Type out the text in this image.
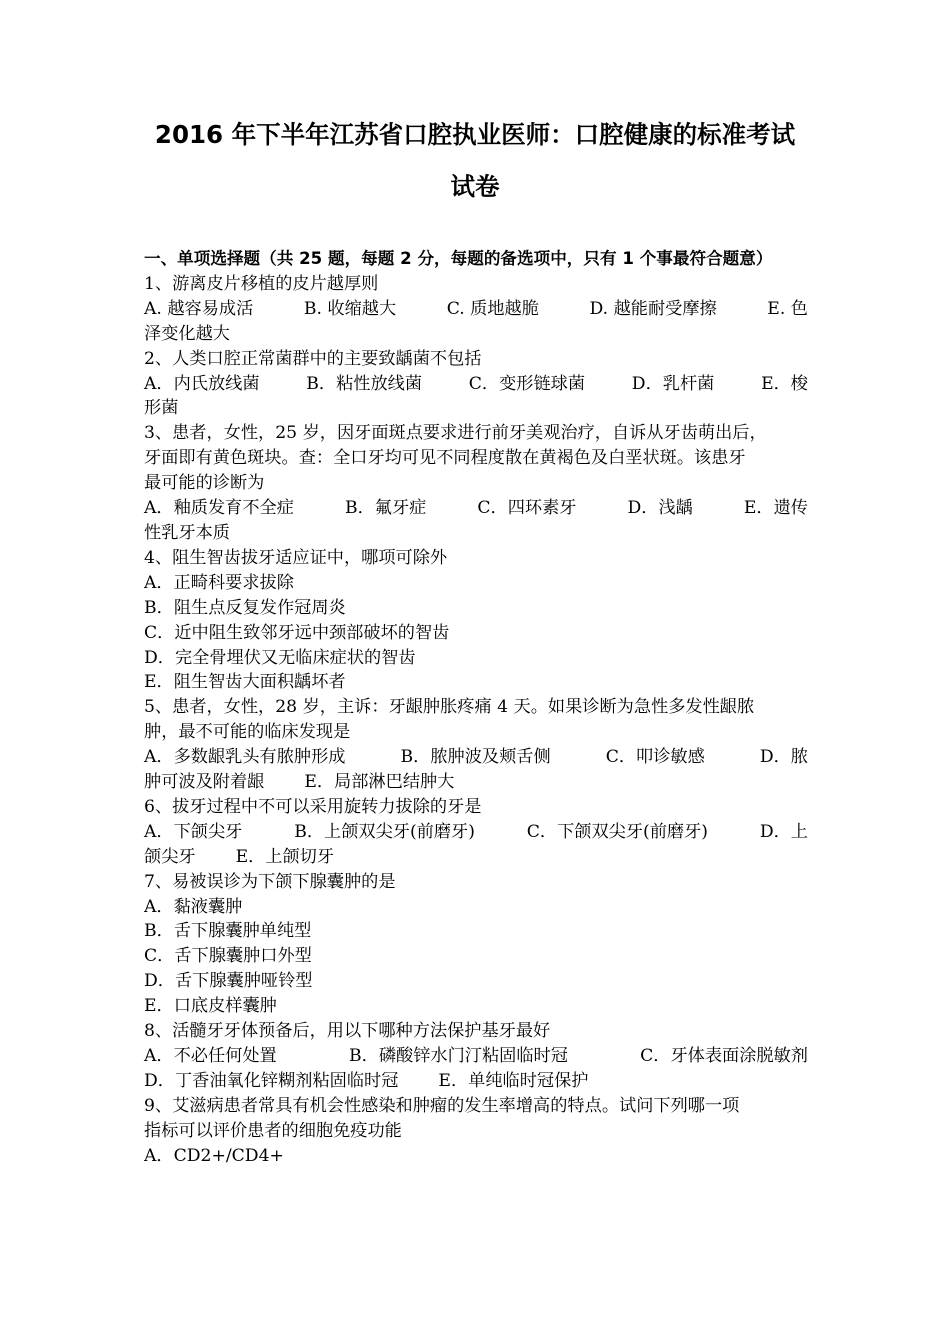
2016 年下半年江苏省口腔执业医师：口腔健康的标准考试
试卷
一、单项选择题（共 25 题，每题 2 分，每题的备选项中，只有 1 个事最符合题意）
1、游离皮片移植的皮片越厚则
A. 越容易成活	B. 收缩越大	C. 质地越脆	D. 越能耐受摩擦	E. 色
泽变化越大
2、人类口腔正常菌群中的主要致龋菌不包括
A．内氏放线菌	B．粘性放线菌	C．变形链球菌	D．乳杆菌	E．梭
形菌
3、患者，女性，25 岁，因牙面斑点要求进行前牙美观治疗，自诉从牙齿萌出后，
牙面即有黄色斑块。查：全口牙均可见不同程度散在黄褐色及白垩状斑。该患牙
最可能的诊断为
A．釉质发育不全症	B．氟牙症	C．四环素牙	D．浅龋	E．遗传
性乳牙本质
4、阻生智齿拔牙适应证中，哪项可除外
A．正畸科要求拔除
B．阻生点反复发作冠周炎
C．近中阻生致邻牙远中颈部破坏的智齿
D．完全骨埋伏又无临床症状的智齿
E．阻生智齿大面积龋坏者
5、患者，女性，28 岁，主诉：牙龈肿胀疼痛 4 天。如果诊断为急性多发性龈脓
肿，最不可能的临床发现是
A．多数龈乳头有脓肿形成	B．脓肿波及颊舌侧	C．叩诊敏感	D．脓
肿可波及附着龈 E．局部淋巴结肿大
6、拔牙过程中不可以采用旋转力拔除的牙是
A．下颌尖牙	B．上颌双尖牙(前磨牙)	C．下颌双尖牙(前磨牙)	D．上
颌尖牙 E．上颌切牙
7、易被误诊为下颌下腺囊肿的是
A．黏液囊肿
B．舌下腺囊肿单纯型
C．舌下腺囊肿口外型
D．舌下腺囊肿哑铃型
E．口底皮样囊肿
8、活髓牙牙体预备后，用以下哪种方法保护基牙最好
A．不必任何处置	B．磷酸锌水门汀粘固临时冠	C．牙体表面涂脱敏剂
D．丁香油氧化锌糊剂粘固临时冠 E．单纯临时冠保护
9、艾滋病患者常具有机会性感染和肿瘤的发生率增高的特点。试问下列哪一项
指标可以评价患者的细胞免疫功能
A．CD2+/CD4+
